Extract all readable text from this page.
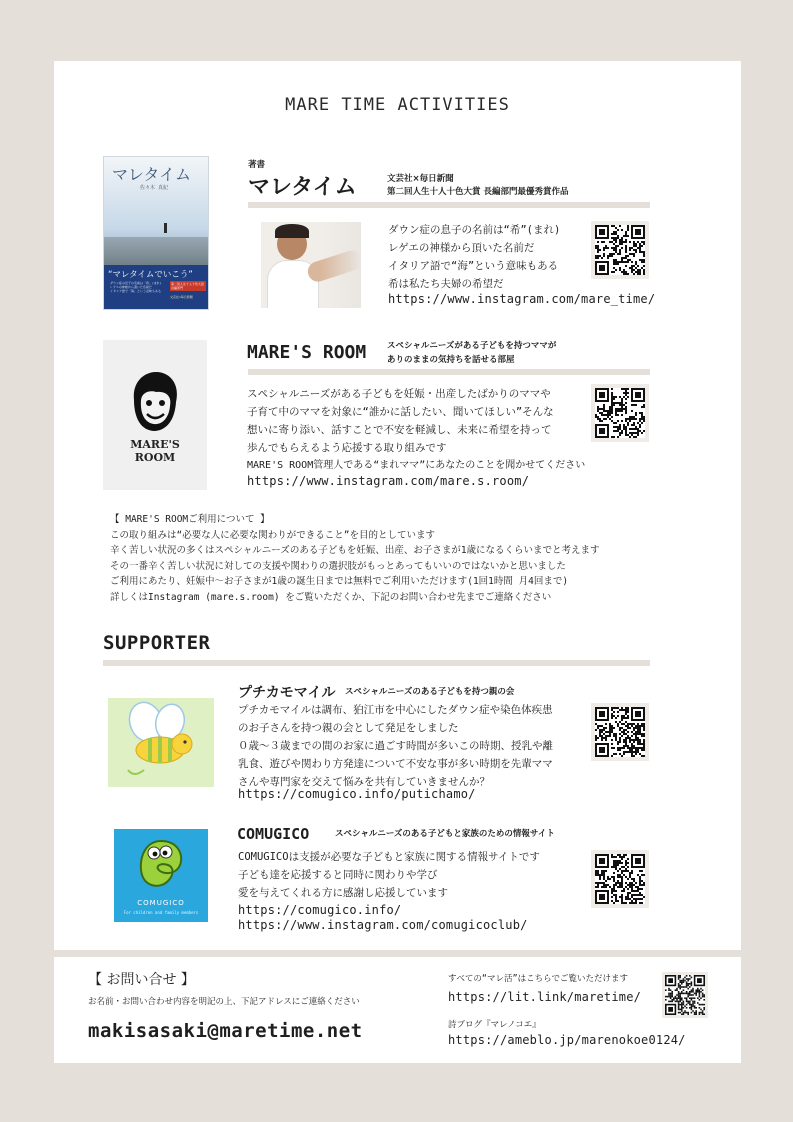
MARE TIME ACTIVITIES
マレタイム
佐々木 真紀
“マレタイムでいこう”
ダウン症の息子の名前は「希」(まれ)
レゲエの神様から頂いた名前だ
イタリア語で「海」という意味もある
第二回人生十人十色大賞 長編部門
文芸社×毎日新聞
著書
マレタイム	文芸社×毎日新聞
第二回人生十人十色大賞 長編部門最優秀賞作品
ダウン症の息子の名前は“希”(まれ)
レゲエの神様から頂いた名前だ
イタリア語で“海”という意味もある
希は私たち夫婦の希望だ
https://www.instagram.com/mare_time/
MARE'S
ROOM
MARE'S ROOM スペシャルニーズがある子どもを持つママが
ありのままの気持ちを話せる部屋
スペシャルニーズがある子どもを妊娠・出産したばかりのママや
子育て中のママを対象に“誰かに話したい、聞いてほしい”そんな
想いに寄り添い、話すことで不安を軽減し、未来に希望を持って
歩んでもらえるよう応援する取り組みです
MARE'S ROOM管理人である“まれママ”にあなたのことを聞かせてください
https://www.instagram.com/mare.s.room/
【 MARE'S ROOMご利用について 】
この取り組みは“必要な人に必要な関わりができること”を目的としています
辛く苦しい状況の多くはスペシャルニーズのある子どもを妊娠、出産、お子さまが1歳になるくらいまでと考えます
その一番辛く苦しい状況に対しての支援や関わりの選択肢がもっとあってもいいのではないかと思いました
ご利用にあたり、妊娠中〜お子さまが1歳の誕生日までは無料でご利用いただけます(1回1時間 月4回まで)
詳しくはInstagram (mare.s.room) をご覧いただくか、下記のお問い合わせ先までご連絡ください
SUPPORTER
プチカモマイル スペシャルニーズのある子どもを持つ親の会
プチカモマイルは調布、狛江市を中心にしたダウン症や染色体疾患
のお子さんを持つ親の会として発足をしました
０歳〜３歳までの間のお家に過ごす時間が多いこの時期、授乳や離
乳食、遊びや関わり方発達について不安な事が多い時期を先輩ママ
さんや専門家を交えて悩みを共有していきませんか？
https://comugico.info/putichamo/
COMUGICO
For children and family members
COMUGICO	スペシャルニーズのある子どもと家族のための情報サイト
COMUGICOは支援が必要な子どもと家族に関する情報サイトです
子ども達を応援すると同時に関わりや学び
愛を与えてくれる方に感謝し応援しています
https://comugico.info/
https://www.instagram.com/comugicoclub/
【 お問い合せ 】
お名前・お問い合わせ内容を明記の上、下記アドレスにご連絡ください
makisasaki@maretime.net
すべての“マレ活”はこちらでご覧いただけます
https://lit.link/maretime/
詩ブログ『マレノコエ』
https://ameblo.jp/marenokoe0124/
